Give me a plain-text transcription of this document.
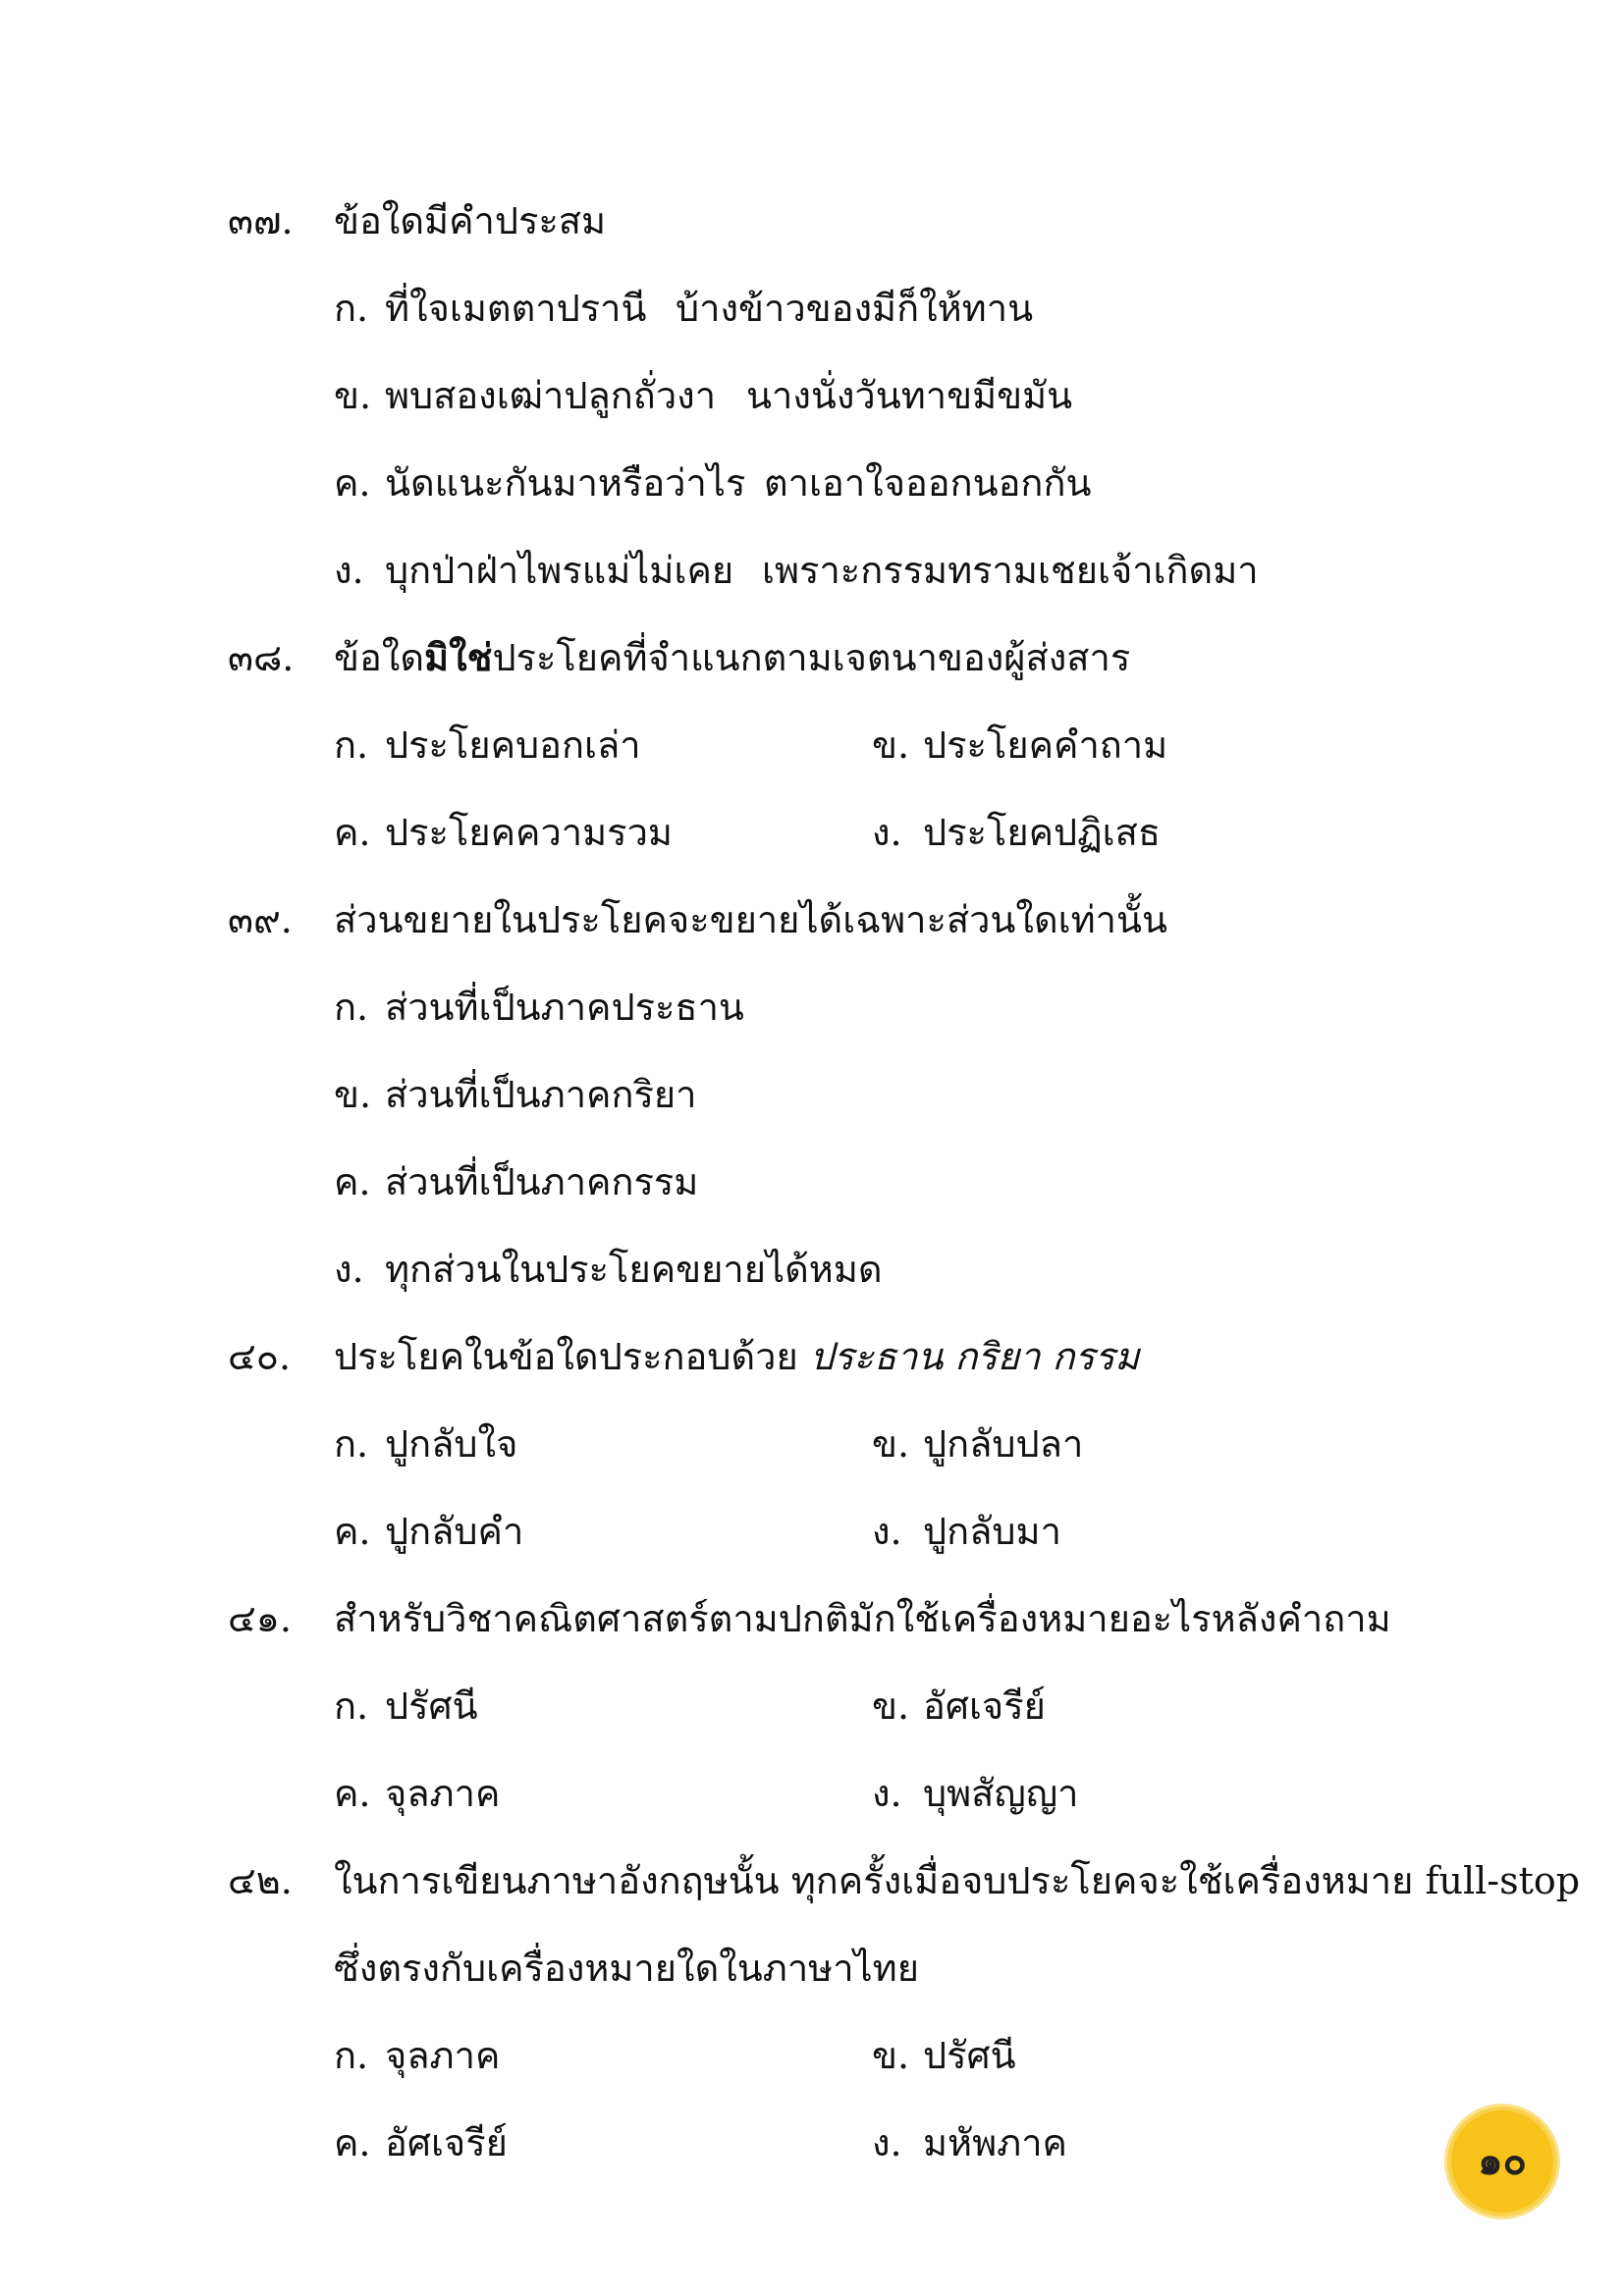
๓๗. ข้อใดมีคำประสม
ก. ที่ใจเมตตาปรานี บ้างข้าวของมีก็ให้ทาน
ข. พบสองเฒ่าปลูกถั่วงา นางนั่งวันทาขมีขมัน
ค. นัดแนะกันมาหรือว่าไร ตาเอาใจออกนอกกัน
ง. บุกป่าฝ่าไพรแม่ไม่เคย เพราะกรรมทรามเชยเจ้าเกิดมา
๓๘. ข้อใดมิใช่ประโยคที่จำแนกตามเจตนาของผู้ส่งสาร
ก. ประโยคบอกเล่า	ข. ประโยคคำถาม
ค. ประโยคความรวม	ง. ประโยคปฏิเสธ
๓๙. ส่วนขยายในประโยคจะขยายได้เฉพาะส่วนใดเท่านั้น
ก. ส่วนที่เป็นภาคประธาน
ข. ส่วนที่เป็นภาคกริยา
ค. ส่วนที่เป็นภาคกรรม
ง. ทุกส่วนในประโยคขยายได้หมด
๔๐. ประโยคในข้อใดประกอบด้วย ประธาน กริยา กรรม
ก. ปูกลับใจ	ข. ปูกลับปลา
ค. ปูกลับคำ	ง. ปูกลับมา
๔๑. สำหรับวิชาคณิตศาสตร์ตามปกติมักใช้เครื่องหมายอะไรหลังคำถาม
ก. ปรัศนี	ข. อัศเจรีย์
ค. จุลภาค	ง. บุพสัญญา
๔๒. ในการเขียนภาษาอังกฤษนั้น ทุกครั้งเมื่อจบประโยคจะใช้เครื่องหมาย full-stop
ซึ่งตรงกับเครื่องหมายใดในภาษาไทย
ก. จุลภาค	ข. ปรัศนี
ค. อัศเจรีย์	ง. มหัพภาค	๑๐
